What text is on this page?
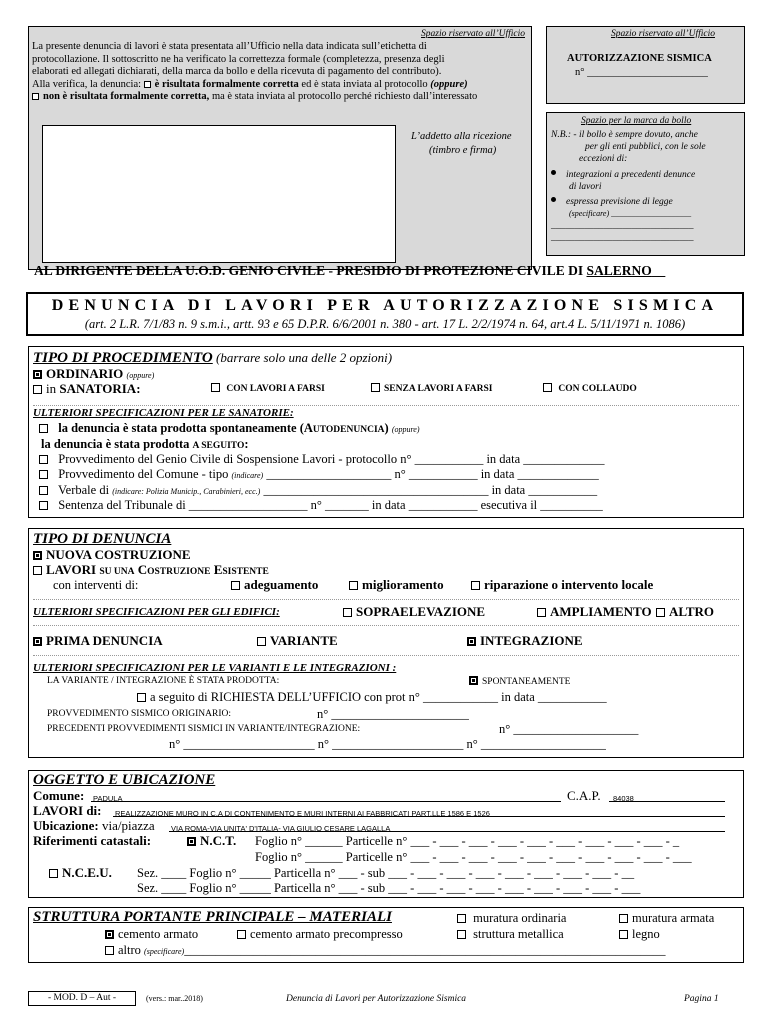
Spazio riservato all’Ufficio
La presente denuncia di lavori è stata presentata all’Ufficio nella data indicata sull’etichetta di
protocollazione. Il sottoscritto ne ha verificato la correttezza formale (completezza, presenza degli
elaborati ed allegati dichiarati, della marca da bollo e della ricevuta di pagamento del contributo).
Alla verifica, la denuncia: è risultata formalmente corretta ed è stata inviata al protocollo (oppure)
non è risultata formalmente corretta, ma è stata inviata al protocollo perché richiesto dall’interessato
L’addetto alla ricezione
(timbro e firma)
Spazio riservato all’Ufficio
AUTORIZZAZIONE SISMICA
n° _______________________
Spazio per la marca da bollo
N.B.: - il bollo è sempre dovuto, anche
per gli enti pubblici, con le sole
eccezioni di:
integrazioni a precedenti denunce
di lavori
espressa previsione di legge
(specificare) ____________________
______________________________
______________________________
AL DIRIGENTE DELLA U.O.D. GENIO CIVILE - PRESIDIO DI PROTEZIONE CIVILE DI SALERNO__
DENUNCIA DI LAVORI PER AUTORIZZAZIONE SISMICA
(art. 2 L.R. 7/1/83 n. 9 s.m.i., artt. 93 e 65 D.P.R. 6/6/2001 n. 380 - art. 17 L. 2/2/1974 n. 64, art.4 L. 5/11/1971 n. 1086)
TIPO DI PROCEDIMENTO (barrare solo una delle 2 opzioni)
ORDINARIO (oppure)
in SANATORIA:	CON LAVORI A FARSI	SENZA LAVORI A FARSI	CON COLLAUDO
ULTERIORI SPECIFICAZIONI PER LE SANATORIE:
la denuncia è stata prodotta spontaneamente (AUTODENUNCIA) (oppure)
la denuncia è stata prodotta A SEGUITO:
Provvedimento del Genio Civile di Sospensione Lavori - protocollo n° ___________ in data _____________
Provvedimento del Comune - tipo (indicare) ____________________ n° ___________ in data _____________
Verbale di (indicare: Polizia Municip., Carabinieri, ecc.) ____________________________________ in data ___________
Sentenza del Tribunale di ___________________ n° _______ in data ___________ esecutiva il __________
TIPO DI DENUNCIA
NUOVA COSTRUZIONE
LAVORI SU UNA COSTRUZIONE ESISTENTE
con interventi di:	adeguamento	miglioramento	riparazione o intervento locale
ULTERIORI SPECIFICAZIONI PER GLI EDIFICI:	SOPRAELEVAZIONE	AMPLIAMENTO	ALTRO
PRIMA DENUNCIA	VARIANTE	INTEGRAZIONE
ULTERIORI SPECIFICAZIONI PER LE VARIANTI E LE INTEGRAZIONI :
LA VARIANTE / INTEGRAZIONE È STATA PRODOTTA:	SPONTANEAMENTE
a seguito di RICHIESTA DELL’UFFICIO con prot n° ____________ in data ___________
PROVVEDIMENTO SISMICO ORIGINARIO:	n° ______________________
PRECEDENTI PROVVEDIMENTI SISMICI IN VARIANTE/INTEGRAZIONE:	n° ____________________
n° _____________________ n° _____________________ n° ____________________
OGGETTO E UBICAZIONE
Comune: PADULA	C.A.P.	84038
LAVORI di: REALIZZAZIONE MURO IN C.A DI CONTENIMENTO E MURI INTERNI AI FABBRICATI PART.LLE 1586 E 1526
Ubicazione: via/piazza VIA ROMA-VIA UNITA' D'ITALIA- VIA GIULIO CESARE LAGALLA
Riferimenti catastali:	N.C.T. Foglio n° ______ Particelle n° ___ - ___ - ___ - ___ - ___ - ___ - ___ - ___ - ___ - _
Foglio n° ______ Particelle n° ___ - ___ - ___ - ___ - ___ - ___ - ___ - ___ - ___ - ___
N.C.E.U. Sez. ____ Foglio n° _____ Particella n° ___ - sub ___ - ___ - ___ - ___ - ___ - ___ - ___ - ___ - __
Sez. ____ Foglio n° _____ Particella n° ___ - sub ___ - ___ - ___ - ___ - ___ - ___ - ___ - ___ - ___
STRUTTURA PORTANTE PRINCIPALE – MATERIALI	muratura ordinaria	muratura armata
cemento armato	cemento armato precompresso	struttura metallica	legno
altro (specificare)_____________________________________________________________________________
- MOD. D – Aut -	(vers.: mar..2018)	Denuncia di Lavori per Autorizzazione Sismica	Pagina 1
